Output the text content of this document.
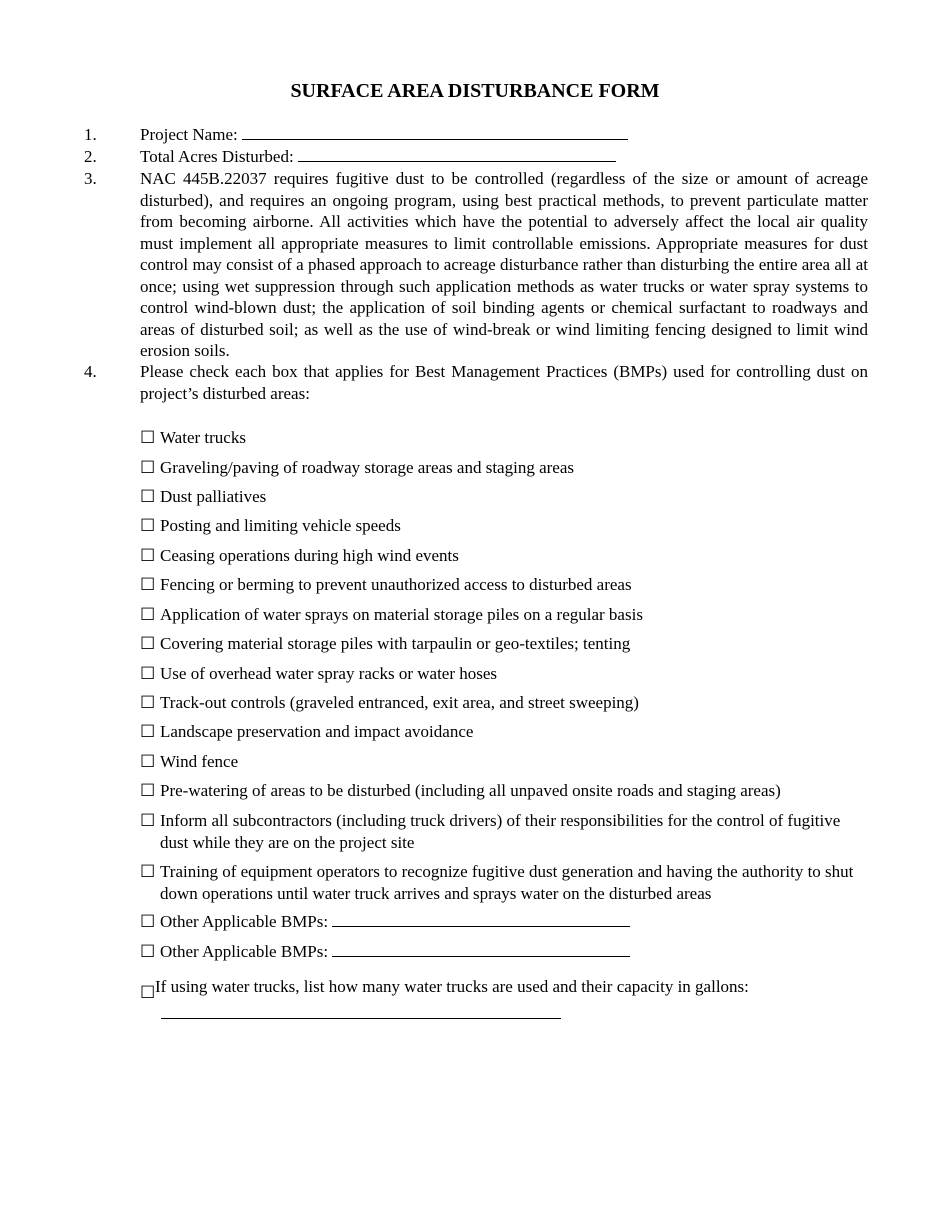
SURFACE AREA DISTURBANCE FORM
1.	Project Name:
2.	Total Acres Disturbed:
3.	NAC 445B.22037 requires fugitive dust to be controlled (regardless of the size or amount of acreage disturbed), and requires an ongoing program, using best practical methods, to prevent particulate matter from becoming airborne. All activities which have the potential to adversely affect the local air quality must implement all appropriate measures to limit controllable emissions. Appropriate measures for dust control may consist of a phased approach to acreage disturbance rather than disturbing the entire area all at once; using wet suppression through such application methods as water trucks or water spray systems to control wind-blown dust; the application of soil binding agents or chemical surfactant to roadways and areas of disturbed soil; as well as the use of wind-break or wind limiting fencing designed to limit wind erosion soils.
4.	Please check each box that applies for Best Management Practices (BMPs) used for controlling dust on project’s disturbed areas:
☐ Water trucks
☐ Graveling/paving of roadway storage areas and staging areas
☐ Dust palliatives
☐ Posting and limiting vehicle speeds
☐ Ceasing operations during high wind events
☐ Fencing or berming to prevent unauthorized access to disturbed areas
☐ Application of water sprays on material storage piles on a regular basis
☐ Covering material storage piles with tarpaulin or geo-textiles; tenting
☐ Use of overhead water spray racks or water hoses
☐ Track-out controls (graveled entranced, exit area, and street sweeping)
☐ Landscape preservation and impact avoidance
☐ Wind fence
☐ Pre-watering of areas to be disturbed (including all unpaved onsite roads and staging areas)
☐ Inform all subcontractors (including truck drivers) of their responsibilities for the control of fugitive dust while they are on the project site
☐ Training of equipment operators to recognize fugitive dust generation and having the authority to shut down operations until water truck arrives and sprays water on the disturbed areas
☐ Other Applicable BMPs:
☐ Other Applicable BMPs:
☐ If using water trucks, list how many water trucks are used and their capacity in gallons:
